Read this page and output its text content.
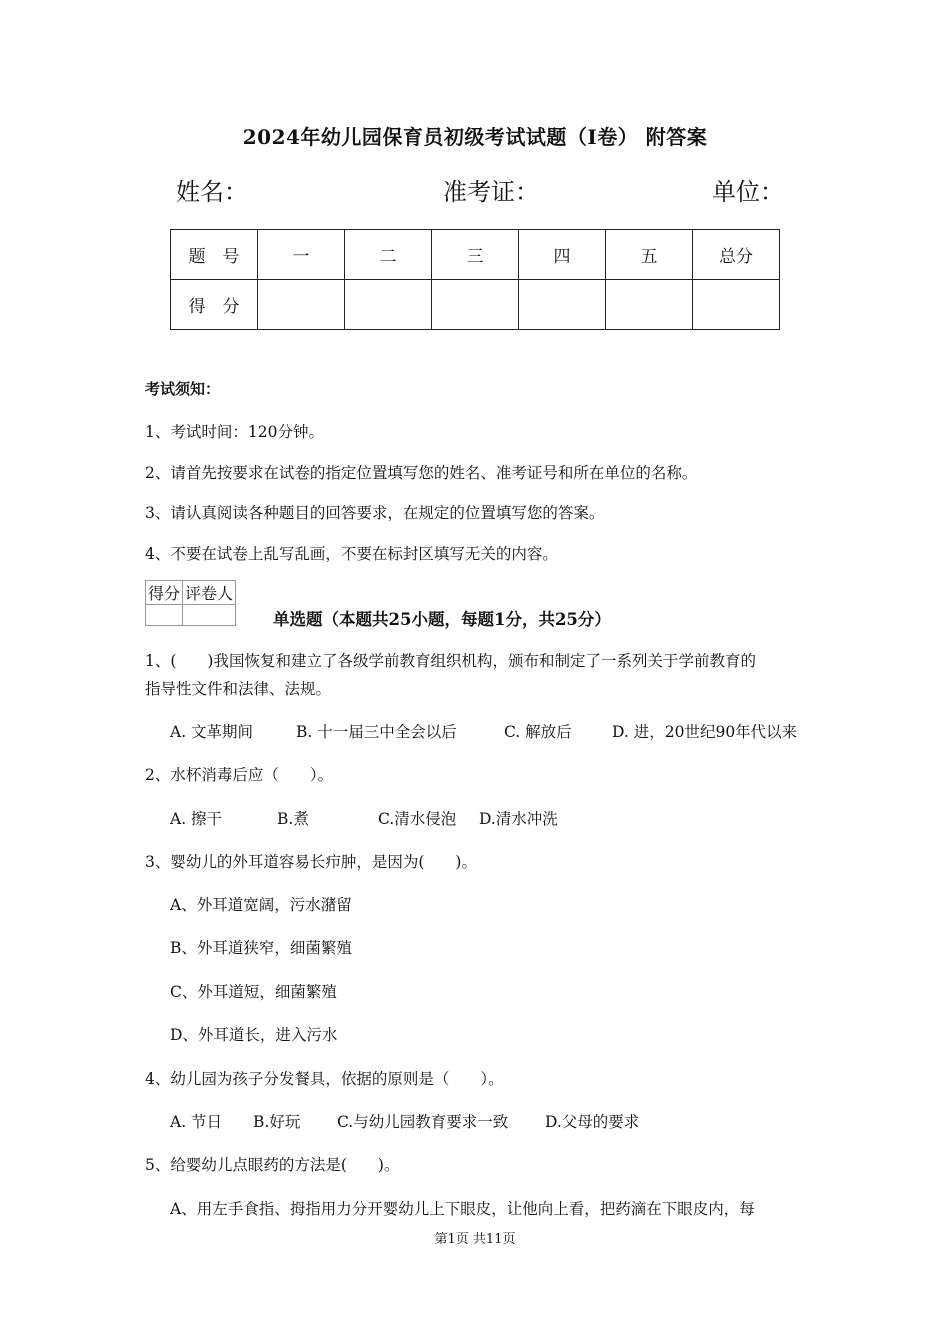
2024年幼儿园保育员初级考试试题（I卷） 附答案
姓名：	准考证：	单位：
题　号	一	二	三	四	五	总分
得　分						
考试须知：
1、考试时间：120分钟。
2、请首先按要求在试卷的指定位置填写您的姓名、准考证号和所在单位的名称。
3、请认真阅读各种题目的回答要求，在规定的位置填写您的答案。
4、不要在试卷上乱写乱画，不要在标封区填写无关的内容。
得分	评卷人

单选题（本题共25小题，每题1分，共25分）
1、(　　)我国恢复和建立了各级学前教育组织机构，颁布和制定了一系列关于学前教育的
指导性文件和法律、法规。
A. 文革期间	B. 十一届三中全会以后	C. 解放后	D. 进，20世纪90年代以来
2、水杯消毒后应（　　）。
A. 擦干	B.煮	C.清水侵泡 D.清水冲洗
3、婴幼儿的外耳道容易长疖肿，是因为(　　)。
A、外耳道宽阔，污水潴留
B、外耳道狭窄，细菌繁殖
C、外耳道短，细菌繁殖
D、外耳道长，进入污水
4、幼儿园为孩子分发餐具，依据的原则是（　　）。
A. 节日 B.好玩 C.与幼儿园教育要求一致 D.父母的要求
5、给婴幼儿点眼药的方法是(　　)。
A、用左手食指、拇指用力分开婴幼儿上下眼皮，让他向上看，把药滴在下眼皮内，每
第1页 共11页
